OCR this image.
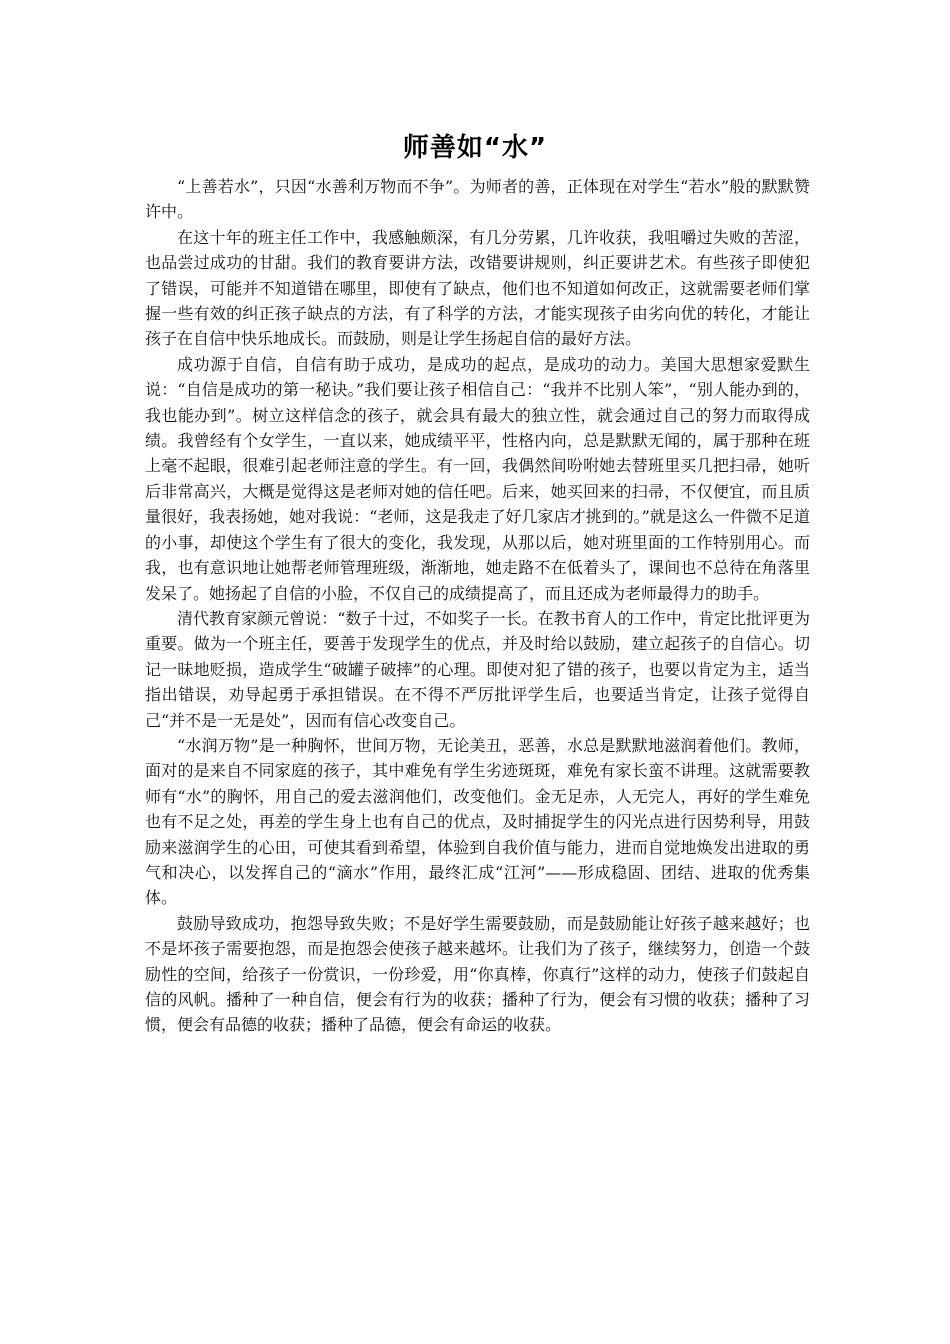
师善如“水”

“上善若水”，只因“水善利万物而不争”。为师者的善，正体现在对学生“若水”般的默默赞许中。

在这十年的班主任工作中，我感触颇深，有几分劳累，几许收获，我咀嚼过失败的苦涩，也品尝过成功的甘甜。我们的教育要讲方法，改错要讲规则，纠正要讲艺术。有些孩子即使犯了错误，可能并不知道错在哪里，即使有了缺点，他们也不知道如何改正，这就需要老师们掌握一些有效的纠正孩子缺点的方法，有了科学的方法，才能实现孩子由劣向优的转化，才能让孩子在自信中快乐地成长。而鼓励，则是让学生扬起自信的最好方法。

成功源于自信，自信有助于成功，是成功的起点，是成功的动力。美国大思想家爱默生说：“自信是成功的第一秘诀。”我们要让孩子相信自己：“我并不比别人笨”，“别人能办到的，我也能办到”。树立这样信念的孩子，就会具有最大的独立性，就会通过自己的努力而取得成绩。我曾经有个女学生，一直以来，她成绩平平，性格内向，总是默默无闻的，属于那种在班上毫不起眼，很难引起老师注意的学生。有一回，我偶然间吩咐她去替班里买几把扫帚，她听后非常高兴，大概是觉得这是老师对她的信任吧。后来，她买回来的扫帚，不仅便宜，而且质量很好，我表扬她，她对我说：“老师，这是我走了好几家店才挑到的。”就是这么一件微不足道的小事，却使这个学生有了很大的变化，我发现，从那以后，她对班里面的工作特别用心。而我，也有意识地让她帮老师管理班级，渐渐地，她走路不在低着头了，课间也不总待在角落里发呆了。她扬起了自信的小脸，不仅自己的成绩提高了，而且还成为老师最得力的助手。

清代教育家颜元曾说：“数子十过，不如奖子一长。在教书育人的工作中，肯定比批评更为重要。做为一个班主任，要善于发现学生的优点，并及时给以鼓励，建立起孩子的自信心。切记一昧地贬损，造成学生“破罐子破摔”的心理。即使对犯了错的孩子，也要以肯定为主，适当指出错误，劝导起勇于承担错误。在不得不严厉批评学生后，也要适当肯定，让孩子觉得自己“并不是一无是处”，因而有信心改变自己。

“水润万物”是一种胸怀，世间万物，无论美丑，恶善，水总是默默地滋润着他们。教师，面对的是来自不同家庭的孩子，其中难免有学生劣迹斑斑，难免有家长蛮不讲理。这就需要教师有“水”的胸怀，用自己的爱去滋润他们，改变他们。金无足赤，人无完人，再好的学生难免也有不足之处，再差的学生身上也有自己的优点，及时捕捉学生的闪光点进行因势利导，用鼓励来滋润学生的心田，可使其看到希望，体验到自我价值与能力，进而自觉地焕发出进取的勇气和决心，以发挥自己的“滴水”作用，最终汇成“江河”——形成稳固、团结、进取的优秀集体。

鼓励导致成功，抱怨导致失败；不是好学生需要鼓励，而是鼓励能让好孩子越来越好；也不是坏孩子需要抱怨，而是抱怨会使孩子越来越坏。让我们为了孩子，继续努力，创造一个鼓励性的空间，给孩子一份赏识，一份珍爱，用“你真棒，你真行”这样的动力，使孩子们鼓起自信的风帆。播种了一种自信，便会有行为的收获；播种了行为，便会有习惯的收获；播种了习惯，便会有品德的收获；播种了品德，便会有命运的收获。
